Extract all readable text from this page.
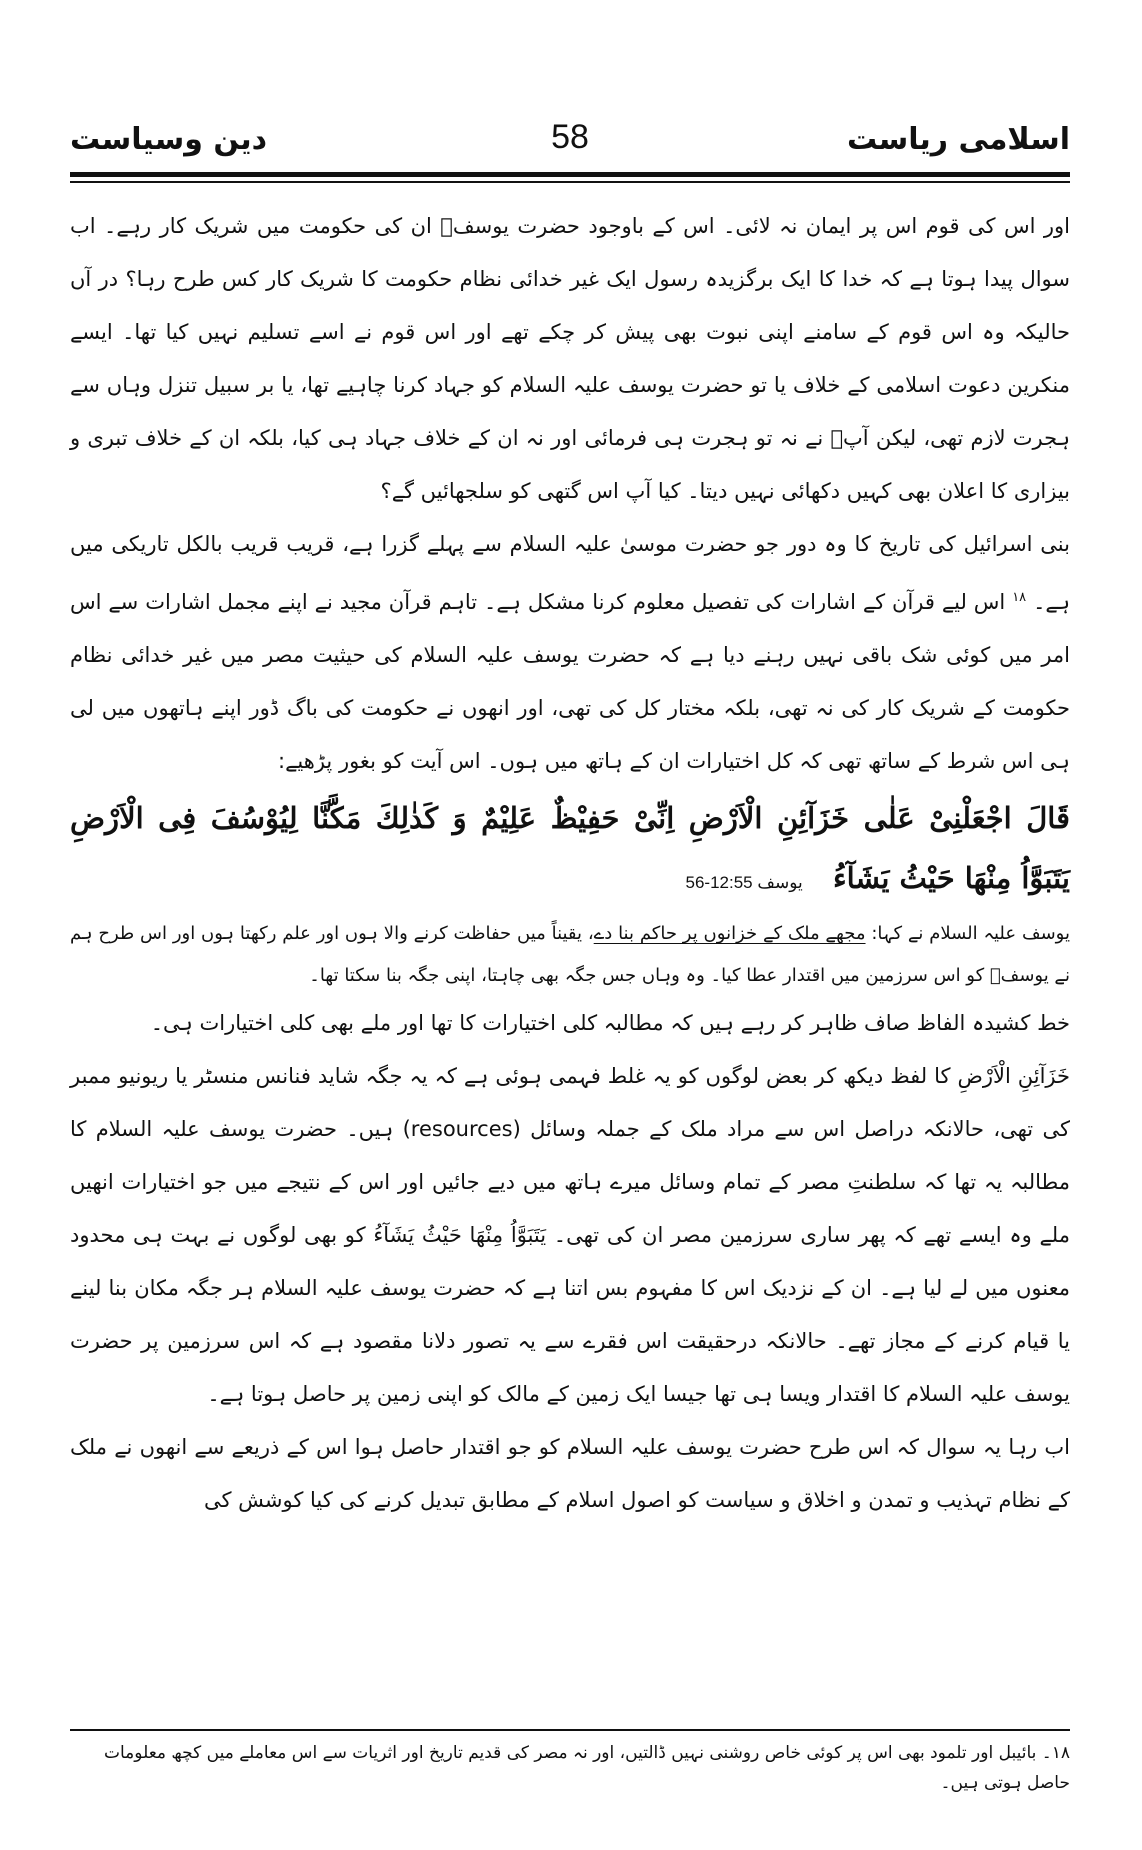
اسلامی ریاست
58
دین وسیاست

اور اس کی قوم اس پر ایمان نہ لائی۔ اس کے باوجود حضرت یوسفؑ ان کی حکومت میں شریک کار رہے۔ اب سوال پیدا ہوتا ہے کہ خدا کا ایک برگزیدہ رسول ایک غیر خدائی نظام حکومت کا شریک کار کس طرح رہا؟ در آں حالیکہ وہ اس قوم کے سامنے اپنی نبوت بھی پیش کر چکے تھے اور اس قوم نے اسے تسلیم نہیں کیا تھا۔ ایسے منکرین دعوت اسلامی کے خلاف یا تو حضرت یوسف علیہ السلام کو جہاد کرنا چاہیے تھا، یا بر سبیل تنزل وہاں سے ہجرت لازم تھی، لیکن آپؑ نے نہ تو ہجرت ہی فرمائی اور نہ ان کے خلاف جہاد ہی کیا، بلکہ ان کے خلاف تبری و بیزاری کا اعلان بھی کہیں دکھائی نہیں دیتا۔ کیا آپ اس گتھی کو سلجھائیں گے؟

بنی اسرائیل کی تاریخ کا وہ دور جو حضرت موسیٰ علیہ السلام سے پہلے گزرا ہے، قریب قریب بالکل تاریکی میں ہے۔ $^{۱۸}$ اس لیے قرآن کے اشارات کی تفصیل معلوم کرنا مشکل ہے۔ تاہم قرآن مجید نے اپنے مجمل اشارات سے اس امر میں کوئی شک باقی نہیں رہنے دیا ہے کہ حضرت یوسف علیہ السلام کی حیثیت مصر میں غیر خدائی نظام حکومت کے شریک کار کی نہ تھی، بلکہ مختار کل کی تھی، اور انھوں نے حکومت کی باگ ڈور اپنے ہاتھوں میں لی ہی اس شرط کے ساتھ تھی کہ کل اختیارات ان کے ہاتھ میں ہوں۔ اس آیت کو بغور پڑھیے:

قَالَ اجْعَلْنِیْ عَلٰی خَزَآئِنِ الْاَرْضِ اِنِّیْ حَفِیْظٌ عَلِیْمٌ وَ كَذٰلِكَ مَكَّنَّا لِیُوْسُفَ فِی الْاَرْضِ یَتَبَوَّاُ مِنْهَا حَیْثُ یَشَآءُ   یوسف 12:55-56

یوسف علیہ السلام نے کہا: مجھے ملک کے خزانوں پر حاکم بنا دے، یقیناً میں حفاظت کرنے والا ہوں اور علم رکھتا ہوں اور اس طرح ہم نے یوسفؑ کو اس سرزمین میں اقتدار عطا کیا۔ وہ وہاں جس جگہ بھی چاہتا، اپنی جگہ بنا سکتا تھا۔

خط کشیدہ الفاظ صاف ظاہر کر رہے ہیں کہ مطالبہ کلی اختیارات کا تھا اور ملے بھی کلی اختیارات ہی۔

خَزَآئِنِ الْاَرْضِ کا لفظ دیکھ کر بعض لوگوں کو یہ غلط فہمی ہوئی ہے کہ یہ جگہ شاید فنانس منسٹر یا ریونیو ممبر کی تھی، حالانکہ دراصل اس سے مراد ملک کے جملہ وسائل (resources) ہیں۔ حضرت یوسف علیہ السلام کا مطالبہ یہ تھا کہ سلطنتِ مصر کے تمام وسائل میرے ہاتھ میں دیے جائیں اور اس کے نتیجے میں جو اختیارات انھیں ملے وہ ایسے تھے کہ پھر ساری سرزمین مصر ان کی تھی۔ یَتَبَوَّاُ مِنْهَا حَیْثُ یَشَآءُ کو بھی لوگوں نے بہت ہی محدود معنوں میں لے لیا ہے۔ ان کے نزدیک اس کا مفہوم بس اتنا ہے کہ حضرت یوسف علیہ السلام ہر جگہ مکان بنا لینے یا قیام کرنے کے مجاز تھے۔ حالانکہ درحقیقت اس فقرے سے یہ تصور دلانا مقصود ہے کہ اس سرزمین پر حضرت یوسف علیہ السلام کا اقتدار ویسا ہی تھا جیسا ایک زمین کے مالک کو اپنی زمین پر حاصل ہوتا ہے۔

اب رہا یہ سوال کہ اس طرح حضرت یوسف علیہ السلام کو جو اقتدار حاصل ہوا اس کے ذریعے سے انھوں نے ملک کے نظام تہذیب و تمدن و اخلاق و سیاست کو اصول اسلام کے مطابق تبدیل کرنے کی کیا کوشش کی

۱۸۔ بائیبل اور تلمود بھی اس پر کوئی خاص روشنی نہیں ڈالتیں، اور نہ مصر کی قدیم تاریخ اور اثریات سے اس معاملے میں کچھ معلومات حاصل ہوتی ہیں۔
